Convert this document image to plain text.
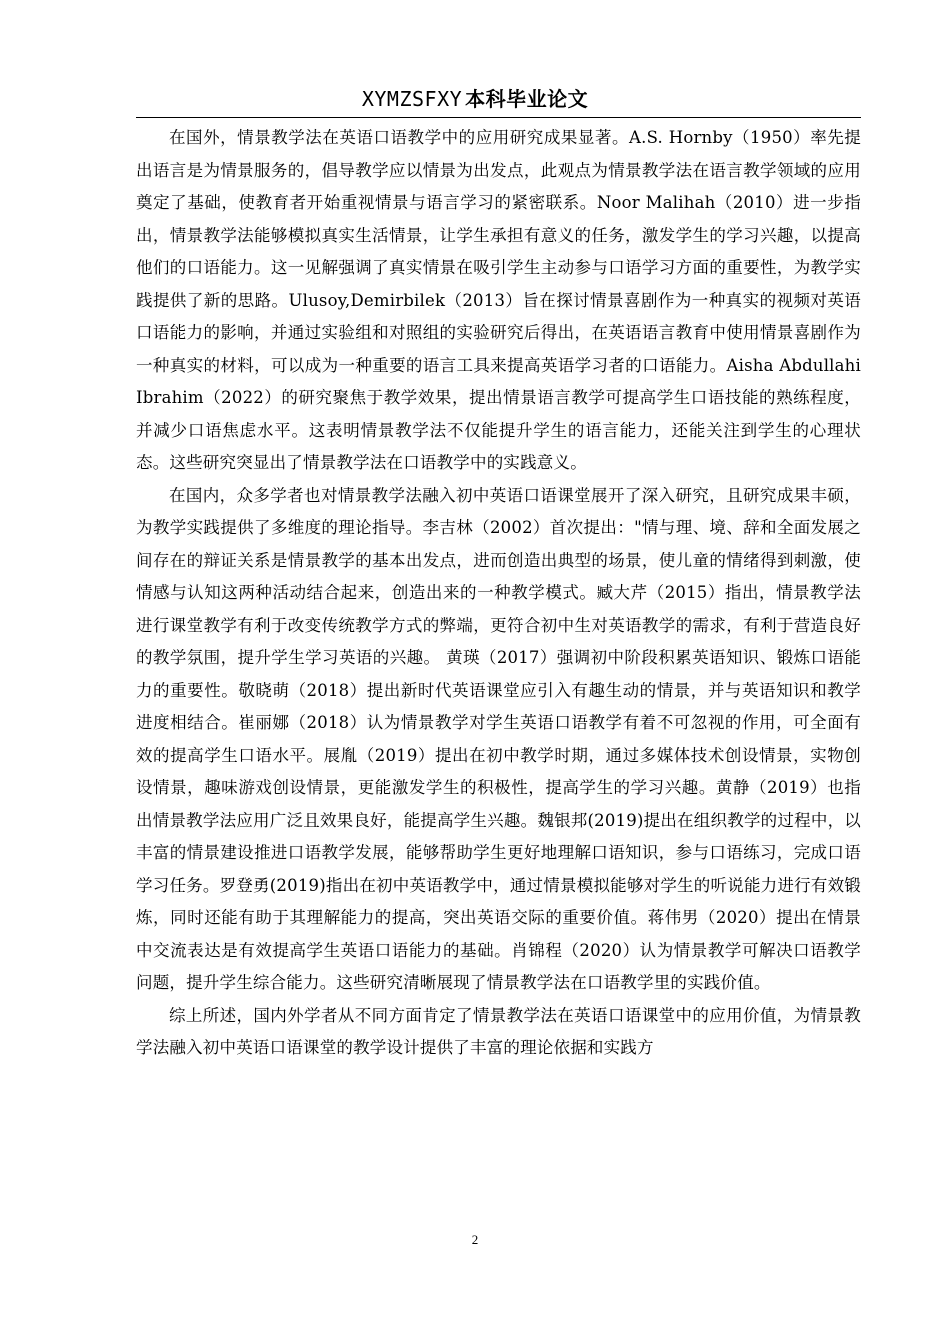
XYMZSFXY 本科毕业论文

在国外，情景教学法在英语口语教学中的应用研究成果显著。A.S. Hornby（1950）率先提出语言是为情景服务的，倡导教学应以情景为出发点，此观点为情景教学法在语言教学领域的应用奠定了基础，使教育者开始重视情景与语言学习的紧密联系。Noor Malihah（2010）进一步指出，情景教学法能够模拟真实生活情景，让学生承担有意义的任务，激发学生的学习兴趣，以提高他们的口语能力。这一见解强调了真实情景在吸引学生主动参与口语学习方面的重要性，为教学实践提供了新的思路。Ulusoy,Demirbilek（2013）旨在探讨情景喜剧作为一种真实的视频对英语口语能力的影响，并通过实验组和对照组的实验研究后得出，在英语语言教育中使用情景喜剧作为一种真实的材料，可以成为一种重要的语言工具来提高英语学习者的口语能力。Aisha Abdullahi Ibrahim（2022）的研究聚焦于教学效果，提出情景语言教学可提高学生口语技能的熟练程度，并减少口语焦虑水平。这表明情景教学法不仅能提升学生的语言能力，还能关注到学生的心理状态。这些研究突显出了情景教学法在口语教学中的实践意义。

在国内，众多学者也对情景教学法融入初中英语口语课堂展开了深入研究，且研究成果丰硕，为教学实践提供了多维度的理论指导。李吉林（2002）首次提出："情与理、境、辞和全面发展之间存在的辩证关系是情景教学的基本出发点，进而创造出典型的场景，使儿童的情绪得到刺激，使情感与认知这两种活动结合起来，创造出来的一种教学模式。臧大芹（2015）指出，情景教学法进行课堂教学有利于改变传统教学方式的弊端，更符合初中生对英语教学的需求，有利于营造良好的教学氛围，提升学生学习英语的兴趣。 黄瑛（2017）强调初中阶段积累英语知识、锻炼口语能力的重要性。敬晓萌（2018）提出新时代英语课堂应引入有趣生动的情景，并与英语知识和教学进度相结合。崔丽娜（2018）认为情景教学对学生英语口语教学有着不可忽视的作用，可全面有效的提高学生口语水平。展胤（2019）提出在初中教学时期，通过多媒体技术创设情景，实物创设情景，趣味游戏创设情景，更能激发学生的积极性，提高学生的学习兴趣。黄静（2019）也指出情景教学法应用广泛且效果良好，能提高学生兴趣。魏银邦(2019)提出在组织教学的过程中，以丰富的情景建设推进口语教学发展，能够帮助学生更好地理解口语知识，参与口语练习，完成口语学习任务。罗登勇(2019)指出在初中英语教学中，通过情景模拟能够对学生的听说能力进行有效锻炼，同时还能有助于其理解能力的提高，突出英语交际的重要价值。蒋伟男（2020）提出在情景中交流表达是有效提高学生英语口语能力的基础。肖锦程（2020）认为情景教学可解决口语教学问题，提升学生综合能力。这些研究清晰展现了情景教学法在口语教学里的实践价值。

综上所述，国内外学者从不同方面肯定了情景教学法在英语口语课堂中的应用价值，为情景教学法融入初中英语口语课堂的教学设计提供了丰富的理论依据和实践方

2
